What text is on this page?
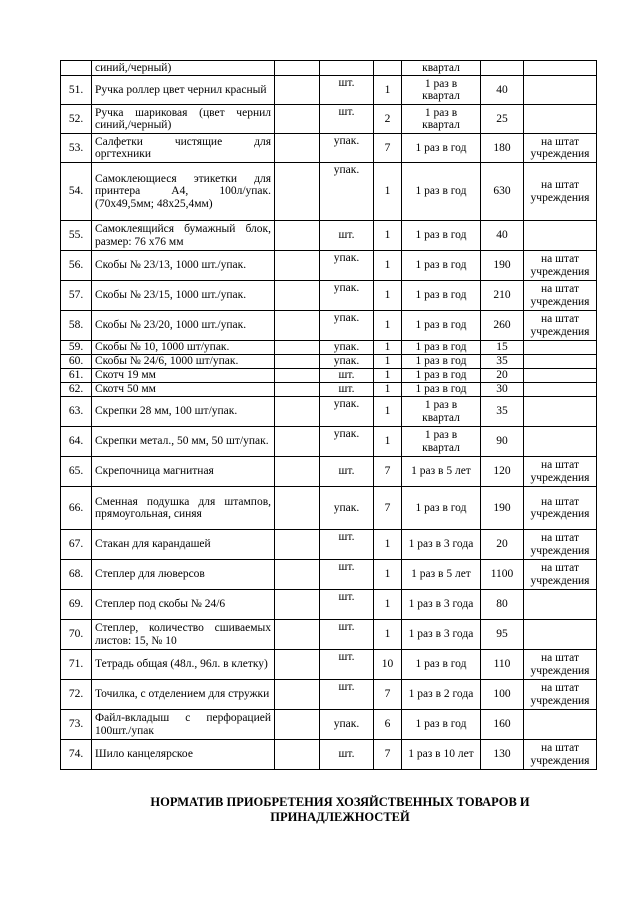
	синий,/черный)				квартал		
51.	Ручка роллер цвет чернил красный		шт.	1	1 раз в квартал	40	
52.	Ручка шариковая (цвет чернил синий,/черный)		шт.	2	1 раз в квартал	25	
53.	Салфетки чистящие для оргтехники		упак.	7	1 раз в год	180	на штат учреждения
54.	Самоклеющиеся этикетки для принтера А4, 100л/упак.(70х49,5мм; 48х25,4мм)		упак.	1	1 раз в год	630	на штат учреждения
55.	Самоклеящийся бумажный блок, размер: 76 х76 мм		шт.	1	1 раз в год	40	
56.	Скобы № 23/13, 1000 шт./упак.		упак.	1	1 раз в год	190	на штат учреждения
57.	Скобы № 23/15, 1000 шт./упак.		упак.	1	1 раз в год	210	на штат учреждения
58.	Скобы № 23/20, 1000 шт./упак.		упак.	1	1 раз в год	260	на штат учреждения
59.	Скобы № 10, 1000 шт/упак.		упак.	1	1 раз в год	15	
60.	Скобы № 24/6, 1000 шт/упак.		упак.	1	1 раз в год	35	
61.	Скотч 19 мм		шт.	1	1 раз в год	20	
62.	Скотч 50 мм		шт.	1	1 раз в год	30	
63.	Скрепки 28 мм, 100 шт/упак.		упак.	1	1 раз в квартал	35	
64.	Скрепки метал., 50 мм, 50 шт/упак.		упак.	1	1 раз в квартал	90	
65.	Скрепочница магнитная		шт.	7	1 раз в 5 лет	120	на штат учреждения
66.	Сменная подушка для штампов, прямоугольная, синяя		упак.	7	1 раз в год	190	на штат учреждения
67.	Стакан для карандашей		шт.	1	1 раз в 3 года	20	на штат учреждения
68.	Степлер для люверсов		шт.	1	1 раз в 5 лет	1100	на штат учреждения
69.	Степлер под скобы № 24/6		шт.	1	1 раз в 3 года	80	
70.	Степлер, количество сшиваемых листов: 15, № 10		шт.	1	1 раз в 3 года	95	
71.	Тетрадь общая (48л., 96л. в клетку)		шт.	10	1 раз в год	110	на штат учреждения
72.	Точилка, с отделением для стружки		шт.	7	1 раз в 2 года	100	на штат учреждения
73.	Файл-вкладыш с перфорацией 100шт./упак		упак.	6	1 раз в год	160	
74.	Шило канцелярское		шт.	7	1 раз в 10 лет	130	на штат учреждения
НОРМАТИВ ПРИОБРЕТЕНИЯ ХОЗЯЙСТВЕННЫХ ТОВАРОВ И
ПРИНАДЛЕЖНОСТЕЙ
